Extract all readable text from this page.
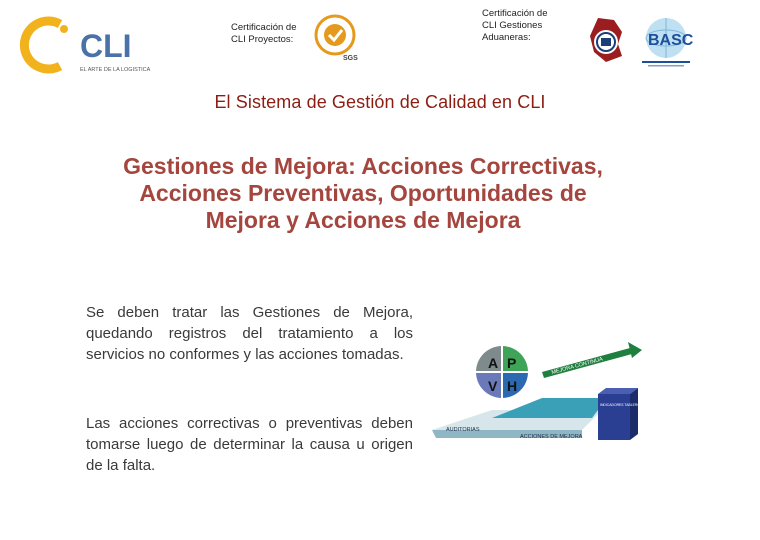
CLI
EL ARTE DE LA LOGISTICA
Certificación de CLI Proyectos:
SGS
Certificación de CLI Gestiones Aduaneras:	BASC
El Sistema de Gestión de Calidad en CLI
Gestiones de Mejora: Acciones Correctivas,
Acciones Preventivas, Oportunidades de
Mejora y Acciones de Mejora
Se deben tratar las Gestiones de Mejora, quedando registros del tratamiento a los servicios no conformes y las acciones tomadas.
Las acciones correctivas o preventivas deben tomarse luego de determinar la causa u origen de la falta.
AUDITORIAS
ACCIONES DE MEJORA
A P
V H
MEJORA CONTINUA
INDICADORES TABLERO DE CONTROL Y PROCESOS
